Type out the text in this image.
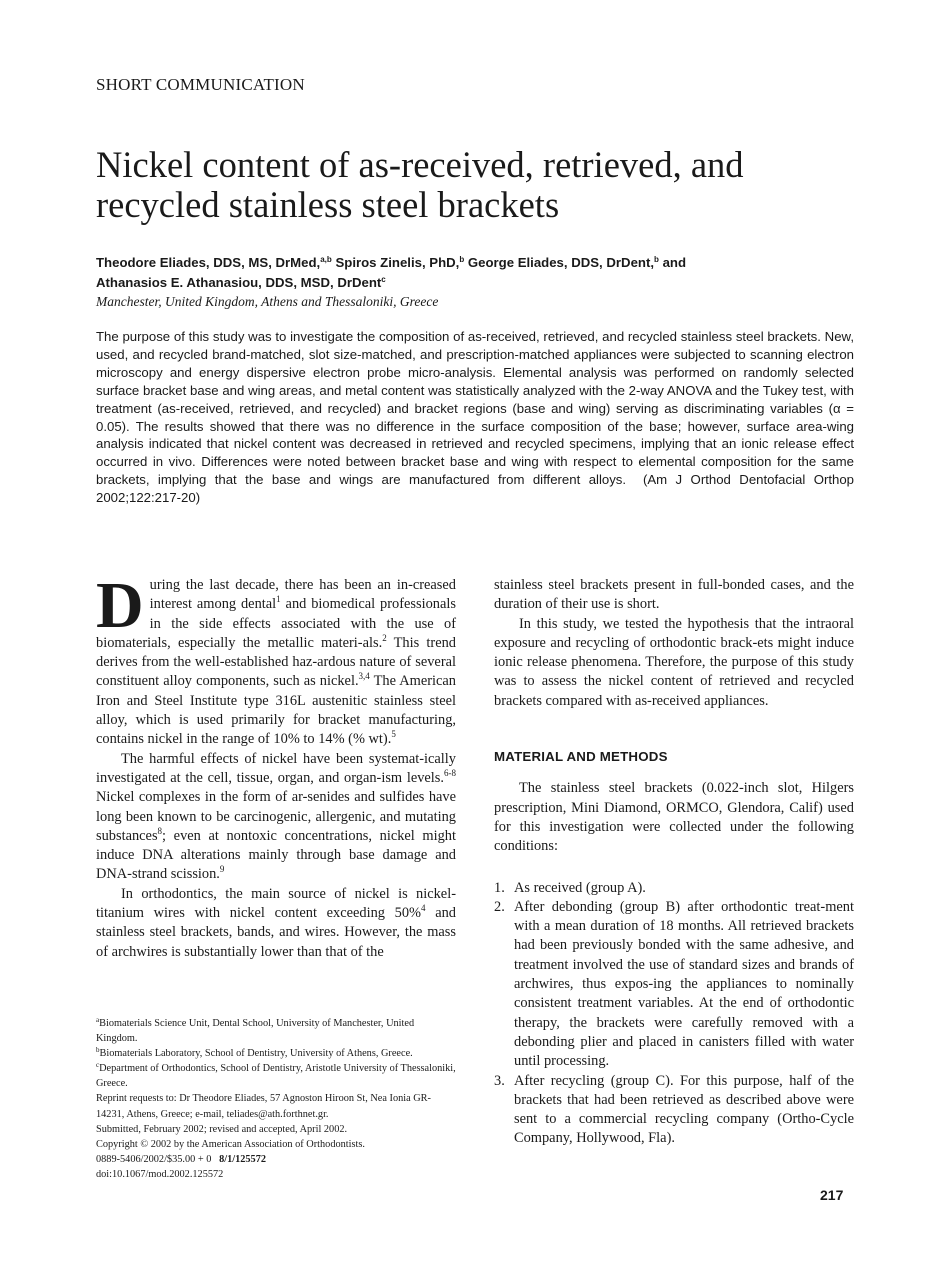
SHORT COMMUNICATION
Nickel content of as-received, retrieved, and recycled stainless steel brackets
Theodore Eliades, DDS, MS, DrMed,$^{a,b}$ Spiros Zinelis, PhD,$^b$ George Eliades, DDS, DrDent,$^b$ and
Athanasios E. Athanasiou, DDS, MSD, DrDent$^c$
Manchester, United Kingdom, Athens and Thessaloniki, Greece

The purpose of this study was to investigate the composition of as-received, retrieved, and recycled stainless steel brackets. New, used, and recycled brand-matched, slot size-matched, and prescription-matched appliances were subjected to scanning electron microscopy and energy dispersive electron probe micro-analysis. Elemental analysis was performed on randomly selected surface bracket base and wing areas, and metal content was statistically analyzed with the 2-way ANOVA and the Tukey test, with treatment (as-received, retrieved, and recycled) and bracket regions (base and wing) serving as discriminating variables (α = 0.05). The results showed that there was no difference in the surface composition of the base; however, surface area-wing analysis indicated that nickel content was decreased in retrieved and recycled specimens, implying that an ionic release effect occurred in vivo. Differences were noted between bracket base and wing with respect to elemental composition for the same brackets, implying that the base and wings are manufactured from different alloys. (Am J Orthod Dentofacial Orthop 2002;122:217-20)

During the last decade, there has been an in-creased interest among dental$^1$ and biomedical professionals in the side effects associated with the use of biomaterials, especially the metallic materi-als.$^2$ This trend derives from the well-established haz-ardous nature of several constituent alloy components, such as nickel.$^{3,4}$ The American Iron and Steel Institute type 316L austenitic stainless steel alloy, which is used primarily for bracket manufacturing, contains nickel in the range of 10% to 14% (% wt).$^5$

The harmful effects of nickel have been systemat-ically investigated at the cell, tissue, organ, and organ-ism levels.$^{6-8}$ Nickel complexes in the form of ar-senides and sulfides have long been known to be carcinogenic, allergenic, and mutating substances$^8$; even at nontoxic concentrations, nickel might induce DNA alterations mainly through base damage and DNA-strand scission.$^9$

In orthodontics, the main source of nickel is nickel-titanium wires with nickel content exceeding 50%$^4$ and stainless steel brackets, bands, and wires. However, the mass of archwires is substantially lower than that of the

stainless steel brackets present in full-bonded cases, and the duration of their use is short.

In this study, we tested the hypothesis that the intraoral exposure and recycling of orthodontic brack-ets might induce ionic release phenomena. Therefore, the purpose of this study was to assess the nickel content of retrieved and recycled brackets compared with as-received appliances.

MATERIAL AND METHODS

The stainless steel brackets (0.022-inch slot, Hilgers prescription, Mini Diamond, ORMCO, Glendora, Calif) used for this investigation were collected under the following conditions:

1. As received (group A).
2. After debonding (group B) after orthodontic treat-ment with a mean duration of 18 months. All retrieved brackets had been previously bonded with the same adhesive, and treatment involved the use of standard sizes and brands of archwires, thus expos-ing the appliances to nominally consistent treatment variables. At the end of orthodontic therapy, the brackets were carefully removed with a debonding plier and placed in canisters filled with water until processing.
3. After recycling (group C). For this purpose, half of the brackets that had been retrieved as described above were sent to a commercial recycling company (Ortho-Cycle Company, Hollywood, Fla).
$^a$Biomaterials Science Unit, Dental School, University of Manchester, United Kingdom.
$^b$Biomaterials Laboratory, School of Dentistry, University of Athens, Greece.
$^c$Department of Orthodontics, School of Dentistry, Aristotle University of Thessaloniki, Greece.
Reprint requests to: Dr Theodore Eliades, 57 Agnoston Hiroon St, Nea Ionia GR-14231, Athens, Greece; e-mail, teliades@ath.forthnet.gr.
Submitted, February 2002; revised and accepted, April 2002.
Copyright © 2002 by the American Association of Orthodontists.
0889-5406/2002/$35.00 + 0 8/1/125572
doi:10.1067/mod.2002.125572
217
